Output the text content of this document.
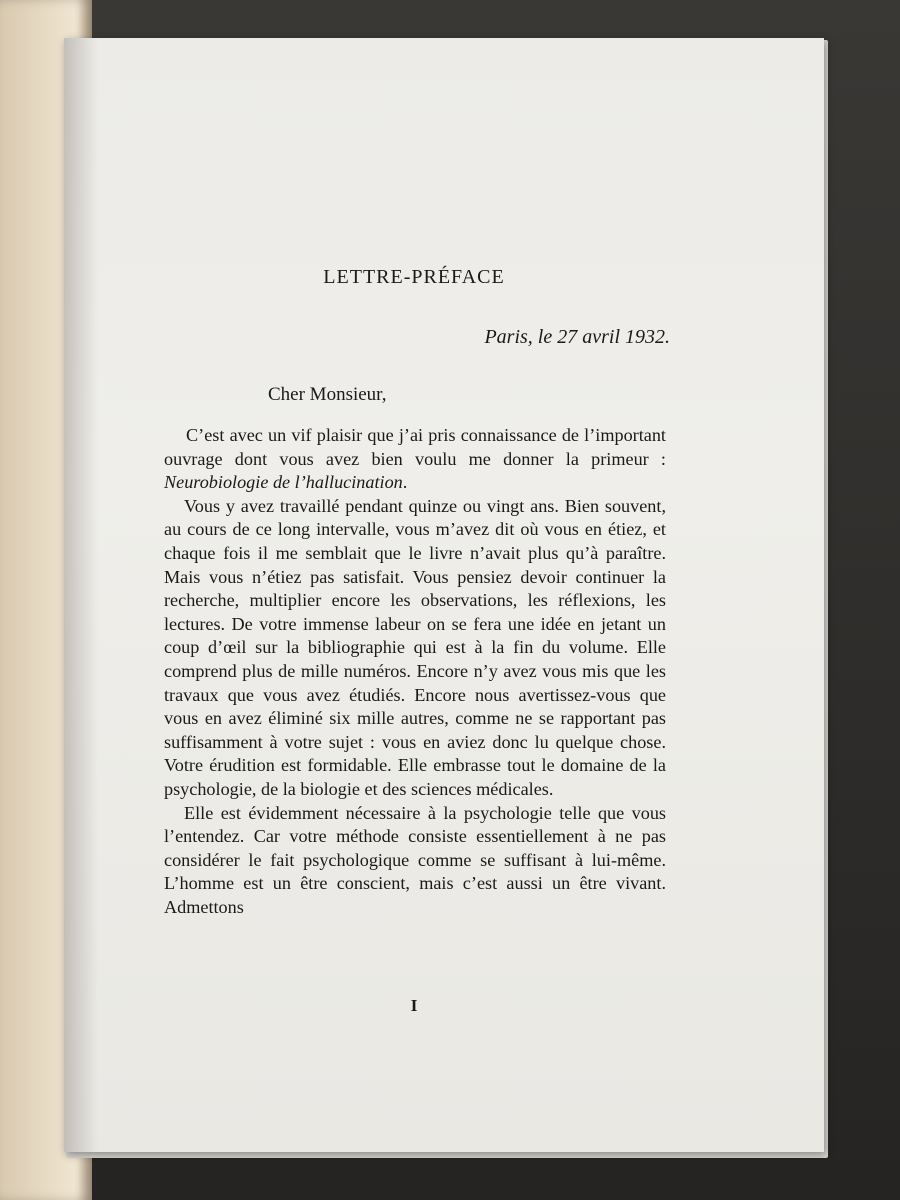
LETTRE-PRÉFACE

Paris, le 27 avril 1932.

Cher Monsieur,

C’est avec un vif plaisir que j’ai pris connaissance de l’important ouvrage dont vous avez bien voulu me donner la primeur : Neurobiologie de l’hallucination.

Vous y avez travaillé pendant quinze ou vingt ans. Bien souvent, au cours de ce long intervalle, vous m’avez dit où vous en étiez, et chaque fois il me semblait que le livre n’avait plus qu’à paraître. Mais vous n’étiez pas satisfait. Vous pensiez devoir continuer la recherche, multiplier encore les observations, les réflexions, les lectures. De votre immense labeur on se fera une idée en jetant un coup d’œil sur la bibliographie qui est à la fin du volume. Elle comprend plus de mille numéros. Encore n’y avez vous mis que les travaux que vous avez étudiés. Encore nous avertissez-vous que vous en avez éliminé six mille autres, comme ne se rapportant pas suffisamment à votre sujet : vous en aviez donc lu quelque chose. Votre érudition est formidable. Elle embrasse tout le domaine de la psychologie, de la biologie et des sciences médicales.

Elle est évidemment nécessaire à la psychologie telle que vous l’entendez. Car votre méthode consiste essentiellement à ne pas considérer le fait psychologique comme se suffisant à lui-même. L’homme est un être conscient, mais c’est aussi un être vivant. Admettons

I
